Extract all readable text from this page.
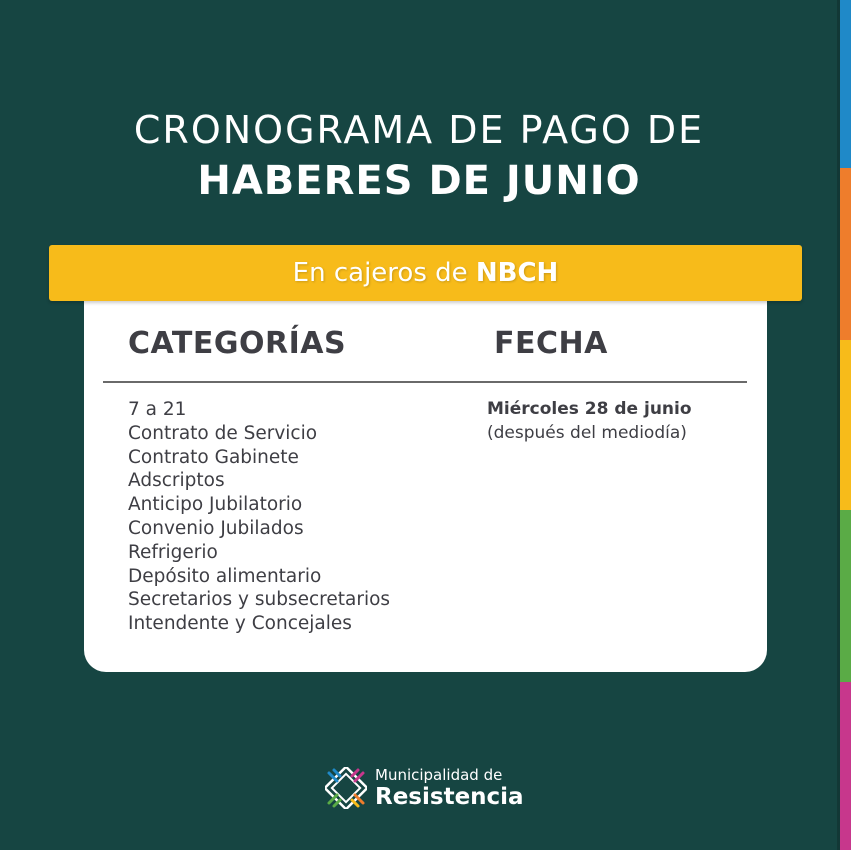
CRONOGRAMA DE PAGO DE
HABERES DE JUNIO
En cajeros de NBCH
CATEGORÍAS	FECHA
7 a 21
Contrato de Servicio
Contrato Gabinete
Adscriptos
Anticipo Jubilatorio
Convenio Jubilados
Refrigerio
Depósito alimentario
Secretarios y subsecretarios
Intendente y Concejales
Miércoles 28 de junio
(después del mediodía)
Municipalidad de
Resistencia
